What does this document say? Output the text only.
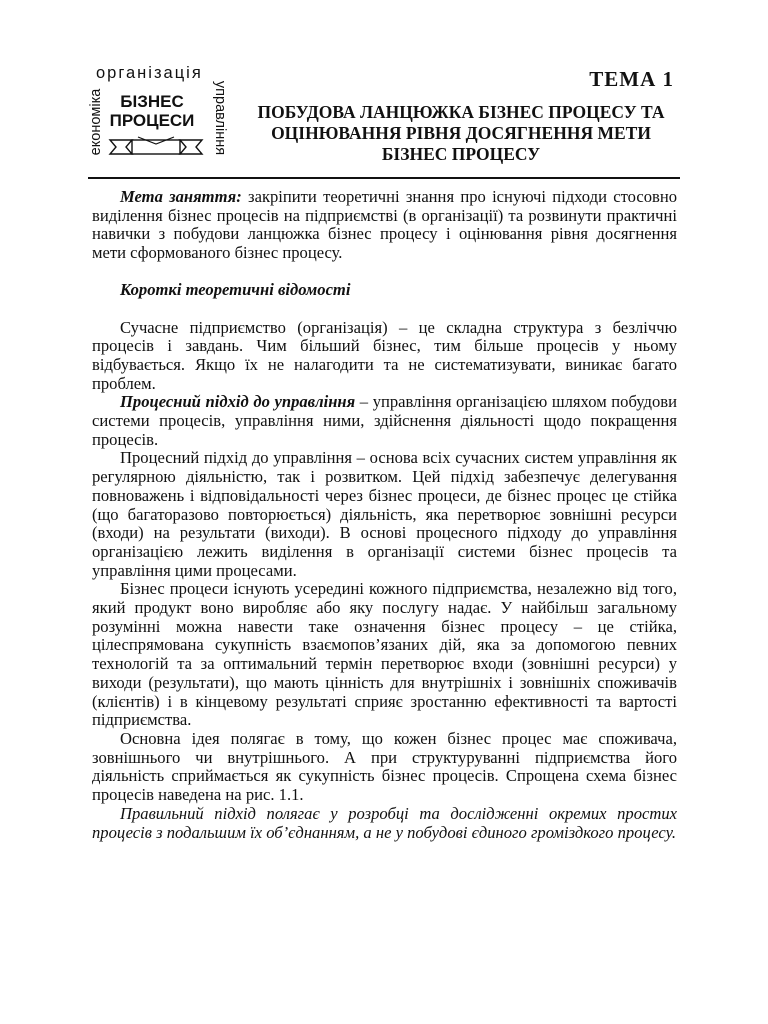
організація
економіка	управління
БІЗНЕС
ПРОЦЕСИ
ТЕМА 1
ПОБУДОВА ЛАНЦЮЖКА БІЗНЕС ПРОЦЕСУ ТА
ОЦІНЮВАННЯ РІВНЯ ДОСЯГНЕННЯ МЕТИ
БІЗНЕС ПРОЦЕСУ

Мета заняття: закріпити теоретичні знання про існуючі підходи стосовно виділення бізнес процесів на підприємстві (в організації) та розвинути практичні навички з побудови ланцюжка бізнес процесу і оцінювання рівня досягнення мети сформованого бізнес процесу.

Короткі теоретичні відомості

Сучасне підприємство (організація) – це складна структура з безліччю процесів і завдань. Чим більший бізнес, тим більше процесів у ньому відбувається. Якщо їх не налагодити та не систематизувати, виникає багато проблем.

Процесний підхід до управління – управління організацією шляхом побудови системи процесів, управління ними, здійснення діяльності щодо покращення процесів.

Процесний підхід до управління – основа всіх сучасних систем управління як регулярною діяльністю, так і розвитком. Цей підхід забезпечує делегування повноважень і відповідальності через бізнес процеси, де бізнес процес це стійка (що багаторазово повторюється) діяльність, яка перетворює зовнішні ресурси (входи) на результати (виходи). В основі процесного підходу до управління організацією лежить виділення в організації системи бізнес процесів та управління цими процесами.

Бізнес процеси існують усередині кожного підприємства, незалежно від того, який продукт воно виробляє або яку послугу надає. У найбільш загальному розумінні можна навести таке означення бізнес процесу – це стійка, цілеспрямована сукупність взаємопов’язаних дій, яка за допомогою певних технологій та за оптимальний термін перетворює входи (зовнішні ресурси) у виходи (результати), що мають цінність для внутрішніх і зовнішніх споживачів (клієнтів) і в кінцевому результаті сприяє зростанню ефективності та вартості підприємства.

Основна ідея полягає в тому, що кожен бізнес процес має споживача, зовнішнього чи внутрішнього. А при структуруванні підприємства його діяльність сприймається як сукупність бізнес процесів. Спрощена схема бізнес процесів наведена на рис. 1.1.

Правильний підхід полягає у розробці та дослідженні окремих простих процесів з подальшим їх об’єднанням, а не у побудові єдиного громіздкого процесу.
